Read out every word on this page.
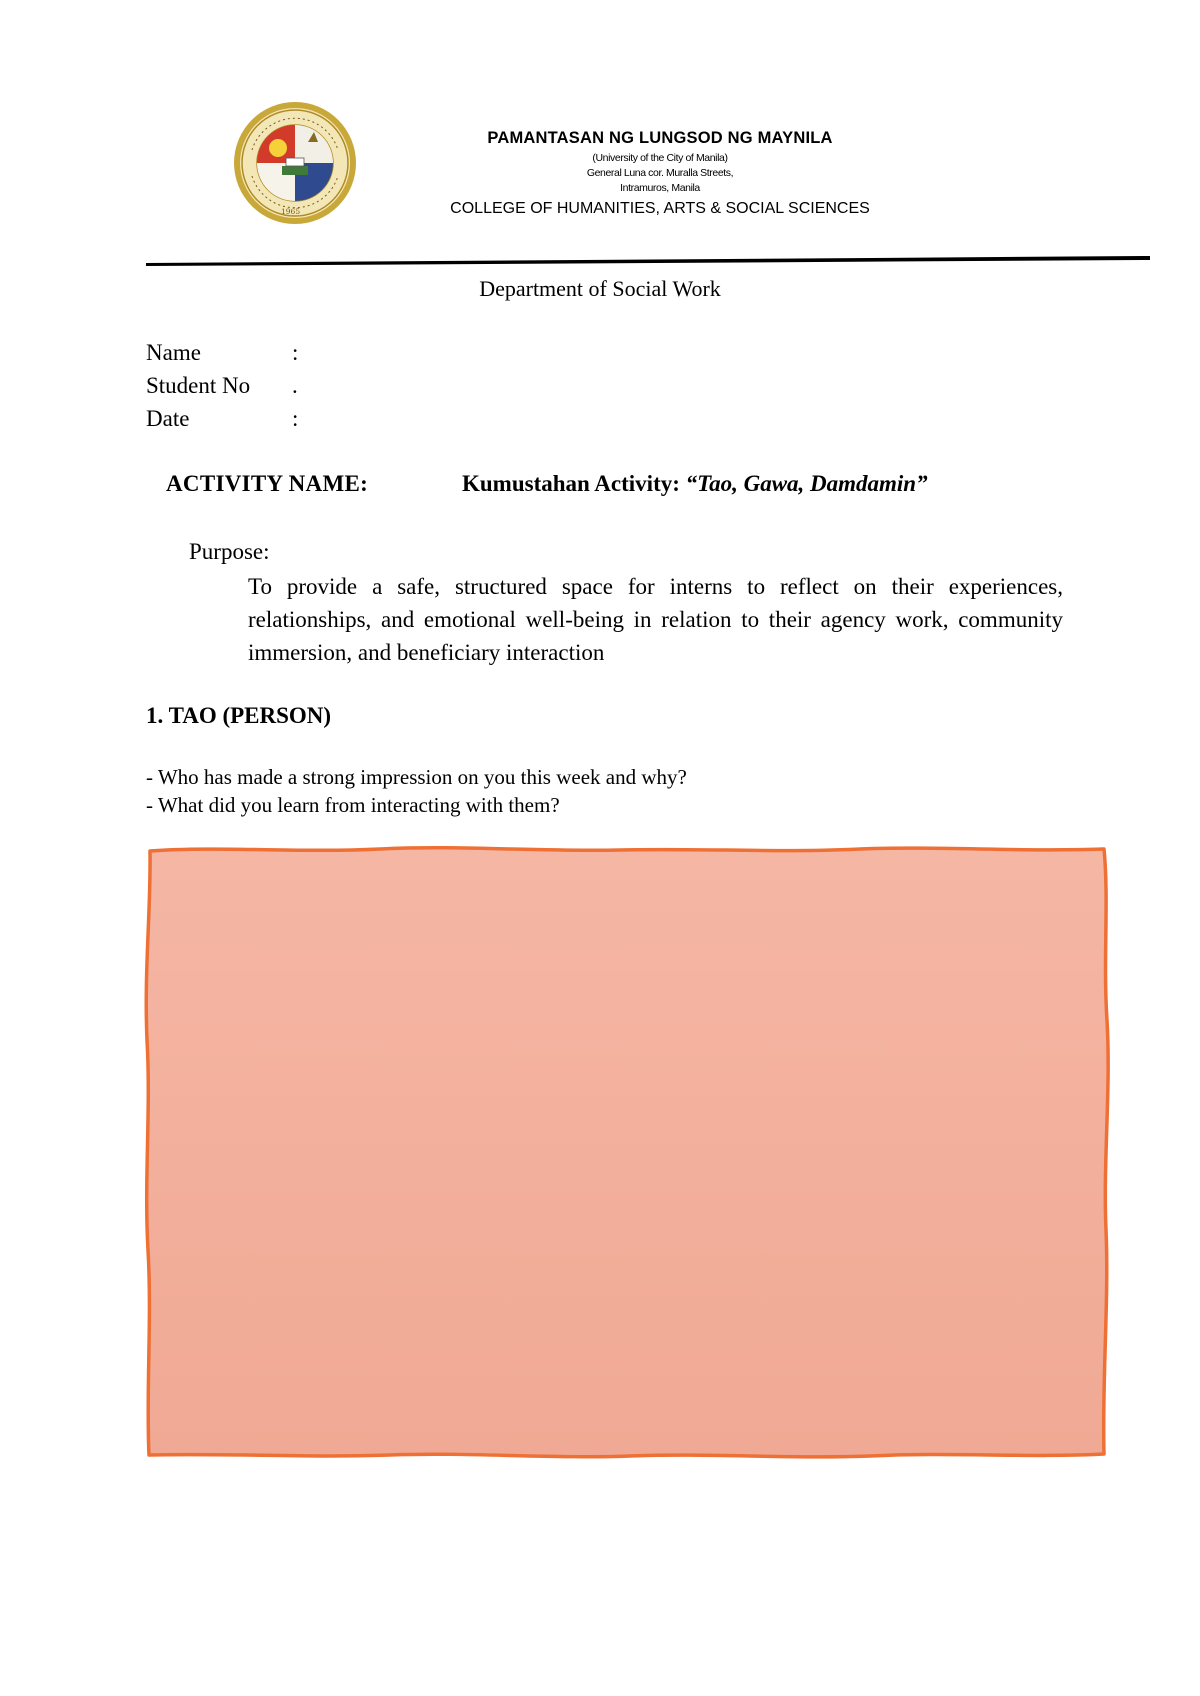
1965
PAMANTASAN NG LUNGSOD NG MAYNILA
(University of the City of Manila)
General Luna cor. Muralla Streets,
Intramuros, Manila
COLLEGE OF HUMANITIES, ARTS & SOCIAL SCIENCES
Department of Social Work
Name	:
Student No .
Date	:
ACTIVITY NAME:	Kumustahan Activity: “Tao, Gawa, Damdamin”
Purpose:
To provide a safe, structured space for interns to reflect on their experiences, relationships, and emotional well-being in relation to their agency work, community immersion, and beneficiary interaction
1. TAO (PERSON)
- Who has made a strong impression on you this week and why?
- What did you learn from interacting with them?
